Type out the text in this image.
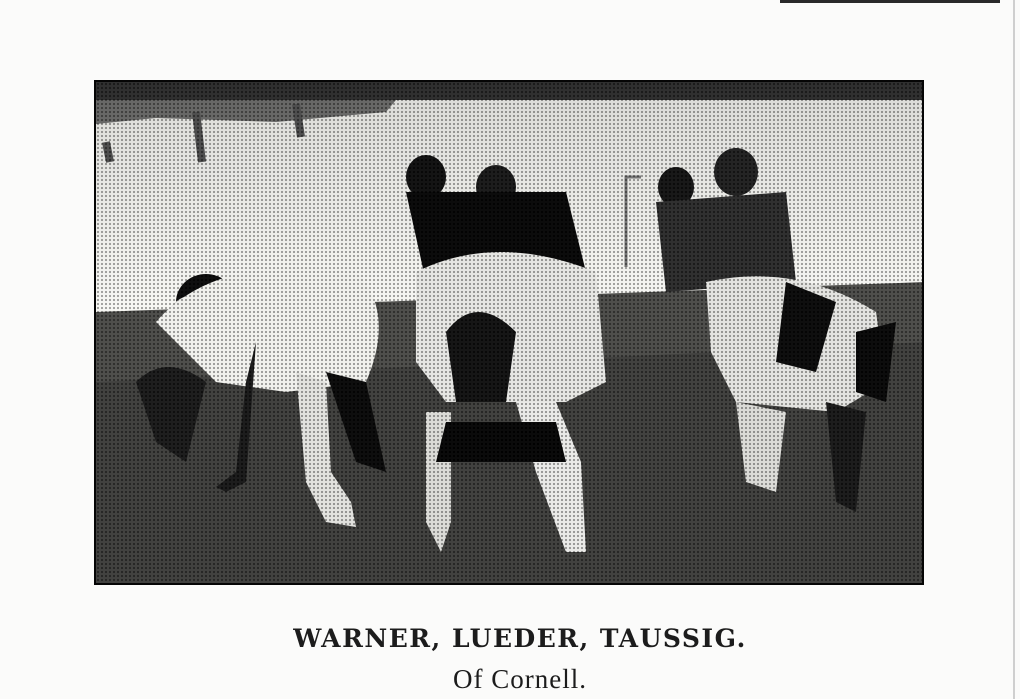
WARNER, LUEDER, TAUSSIG.
Of Cornell.
